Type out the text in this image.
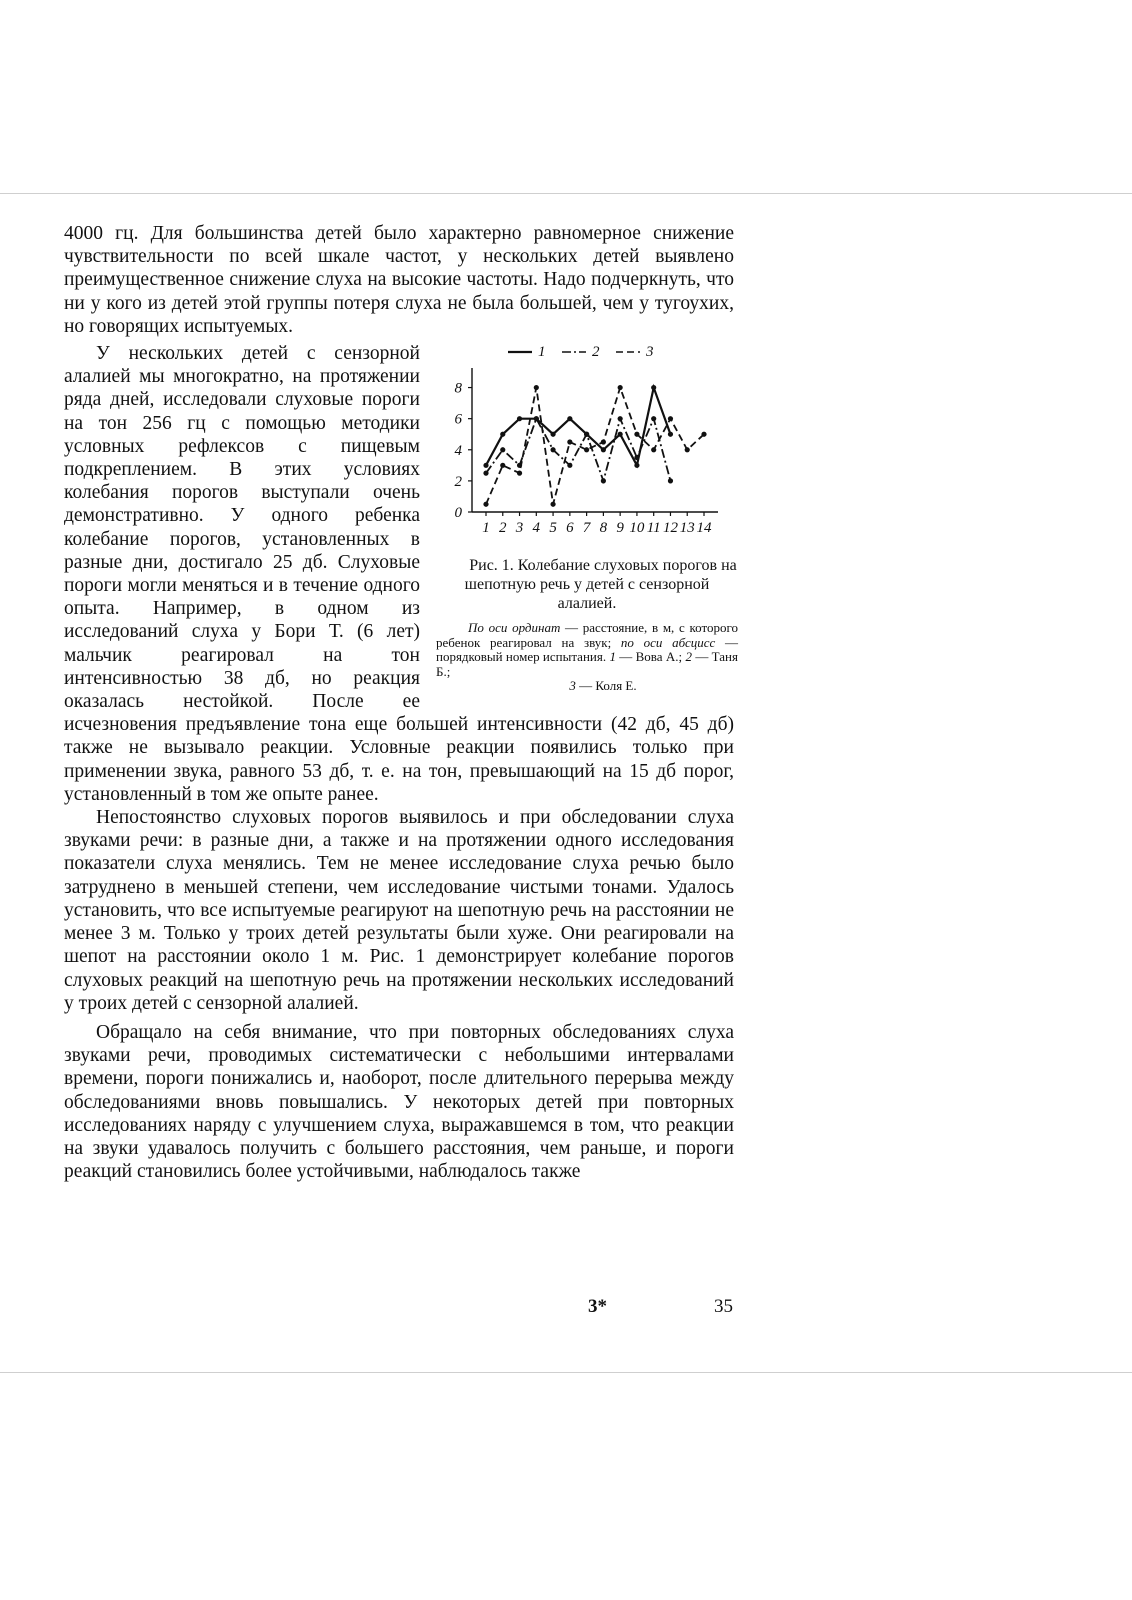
4000 гц. Для большинства детей было характерно равномерное снижение чувствительности по всей шкале частот, у нескольких детей выявлено преимущественное снижение слуха на высокие частоты. Надо подчеркнуть, что ни у кого из детей этой группы потеря слуха не была большей, чем у тугоухих, но говорящих испытуемых.

0
2
4
6
8
1 2 3 4 5 6 7 8 9 10 11 12 13 14
1	2	3
Рис. 1. Колебание слуховых порогов на шепотную речь у детей с сензорной алалией.
По оси ординат — расстояние, в м, с которого ребенок реагировал на звук; по оси абсцисс — порядковый номер испытания. 1 — Вова А.; 2 — Таня Б.;
3 — Коля Е.
У нескольких детей с сензорной алалией мы многократно, на протяжении ряда дней, исследовали слуховые пороги на тон 256 гц с помощью методики условных рефлексов с пищевым подкреплением. В этих условиях колебания порогов выступали очень демонстративно. У одного ребенка колебание порогов, установленных в разные дни, достигало 25 дб. Слуховые пороги могли меняться и в течение одного опыта. Например, в одном из исследований слуха у Бори Т. (6 лет) мальчик реагировал на тон интенсивностью 38 дб, но реакция оказалась нестойкой. После ее исчезновения предъявление тона еще большей интенсивности (42 дб, 45 дб) также не вызывало реакции. Условные реакции появились только при применении звука, равного 53 дб, т. е. на тон, превышающий на 15 дб порог, установленный в том же опыте ранее.

Непостоянство слуховых порогов выявилось и при обследовании слуха звуками речи: в разные дни, а также и на протяжении одного исследования показатели слуха менялись. Тем не менее исследование слуха речью было затруднено в меньшей степени, чем исследование чистыми тонами. Удалось установить, что все испытуемые реагируют на шепотную речь на расстоянии не менее 3 м. Только у троих детей результаты были хуже. Они реагировали на шепот на расстоянии около 1 м. Рис. 1 демонстрирует колебание порогов слуховых реакций на шепотную речь на протяжении нескольких исследований у троих детей с сензорной алалией.

Обращало на себя внимание, что при повторных обследованиях слуха звуками речи, проводимых систематически с небольшими интервалами времени, пороги понижались и, наоборот, после длительного перерыва между обследованиями вновь повышались. У некоторых детей при повторных исследованиях наряду с улучшением слуха, выражавшемся в том, что реакции на звуки удавалось получить с большего расстояния, чем раньше, и пороги реакций становились более устойчивыми, наблюдалось также

3*	35
